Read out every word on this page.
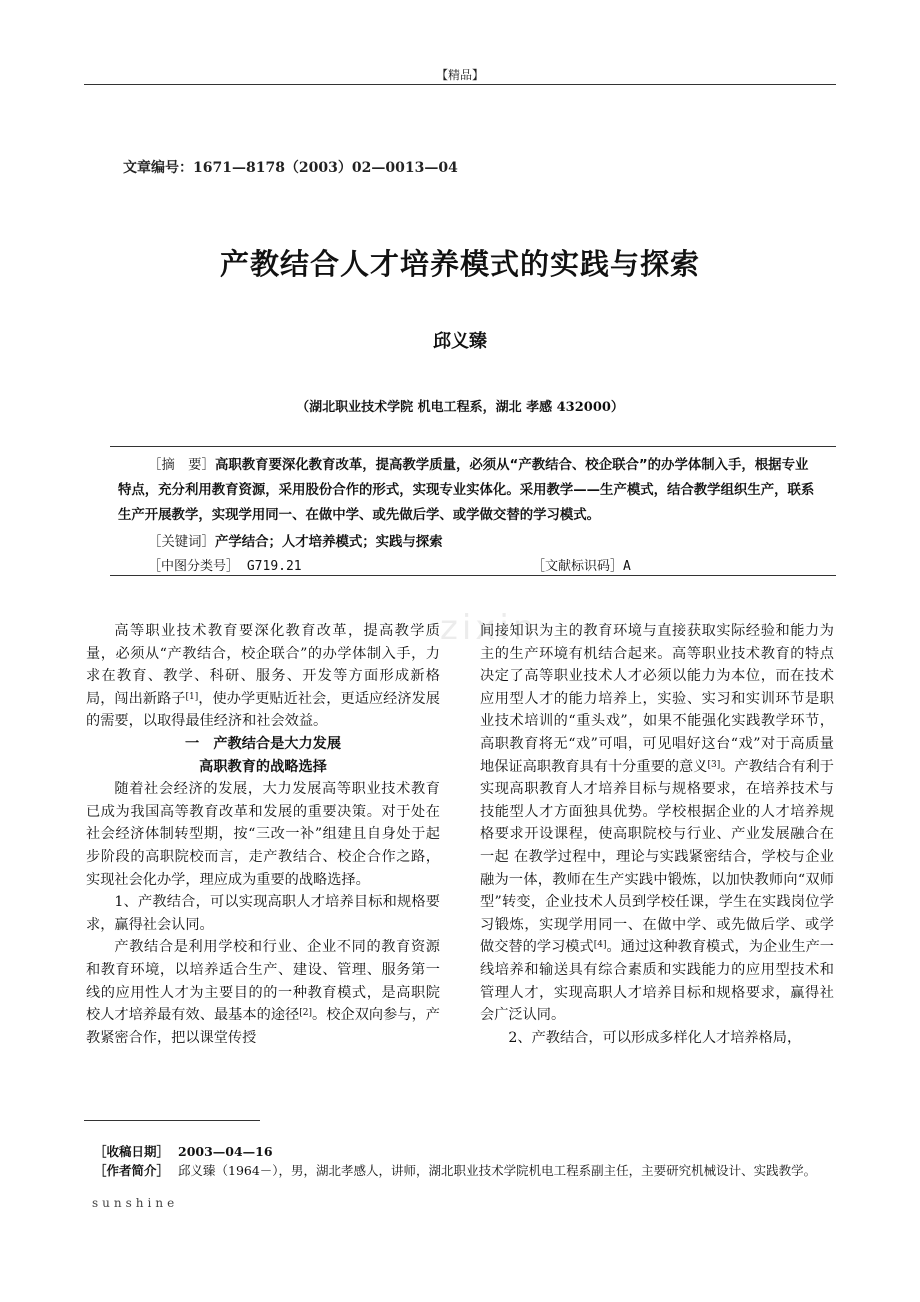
【精品】
文章编号：1671—8178（2003）02—0013—04
zixin
产教结合人才培养模式的实践与探索
邱义臻
（湖北职业技术学院 机电工程系，湖北 孝感 432000）
［摘　要］高职教育要深化教育改革，提高教学质量，必须从“产教结合、校企联合”的办学体制入手，根据专业特点，充分利用教育资源，采用股份合作的形式，实现专业实体化。采用教学——生产模式，结合教学组织生产，联系生产开展教学，实现学用同一、在做中学、或先做后学、或学做交替的学习模式。
［关键词］产学结合；人才培养模式；实践与探索
［中图分类号］ G719.21	［文献标识码］A

高等职业技术教育要深化教育改革，提高教学质量，必须从“产教结合，校企联合”的办学体制入手，力求在教育、教学、科研、服务、开发等方面形成新格局，闯出新路子[1]，使办学更贴近社会，更适应经济发展的需要，以取得最佳经济和社会效益。

一　产教结合是大力发展
高职教育的战略选择

随着社会经济的发展，大力发展高等职业技术教育已成为我国高等教育改革和发展的重要决策。对于处在社会经济体制转型期，按“三改一补”组建且自身处于起步阶段的高职院校而言，走产教结合、校企合作之路，实现社会化办学，理应成为重要的战略选择。

1、产教结合，可以实现高职人才培养目标和规格要求，赢得社会认同。

产教结合是利用学校和行业、企业不同的教育资源和教育环境，以培养适合生产、建设、管理、服务第一线的应用性人才为主要目的的一种教育模式，是高职院校人才培养最有效、最基本的途径[2]。校企双向参与，产教紧密合作，把以课堂传授

间接知识为主的教育环境与直接获取实际经验和能力为主的生产环境有机结合起来。高等职业技术教育的特点决定了高等职业技术人才必须以能力为本位，而在技术应用型人才的能力培养上，实验、实习和实训环节是职业技术培训的“重头戏”，如果不能强化实践教学环节，高职教育将无“戏”可唱，可见唱好这台“戏”对于高质量地保证高职教育具有十分重要的意义[3]。产教结合有利于实现高职教育人才培养目标与规格要求，在培养技术与技能型人才方面独具优势。学校根据企业的人才培养规格要求开设课程，使高职院校与行业、产业发展融合在一起 在教学过程中，理论与实践紧密结合，学校与企业融为一体，教师在生产实践中锻炼，以加快教师向“双师型”转变，企业技术人员到学校任课，学生在实践岗位学习锻炼，实现学用同一、在做中学、或先做后学、或学做交替的学习模式[4]。通过这种教育模式，为企业生产一线培养和输送具有综合素质和实践能力的应用型技术和管理人才，实现高职人才培养目标和规格要求，赢得社会广泛认同。

2、产教结合，可以形成多样化人才培养格局，

［收稿日期］ 2003—04—16
［作者简介］ 邱义臻（1964－），男，湖北孝感人，讲师，湖北职业技术学院机电工程系副主任，主要研究机械设计、实践教学。
sunshine
